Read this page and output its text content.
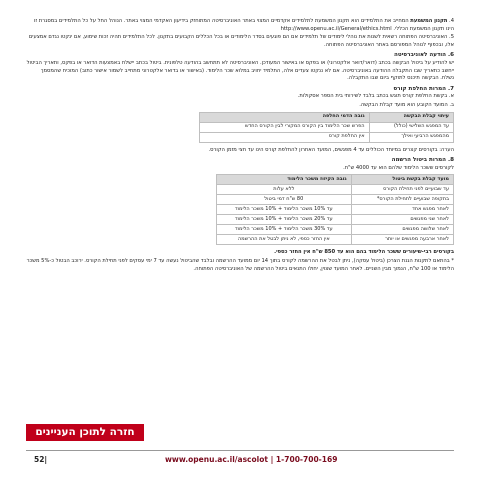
4. תקנון המשמעת המחייב את התלמידים הוא תקנון המשמעת לתלמידים אקדמיים המצוי באתר האוניברסיטה המתוחזק בידיעון האקדמי המצוי באתר. הנוהל החל על כל התלמידים במסגרת זו הינו תקנון המשמעת הכללי. http://www.openu.ac.il/General/ethics.html

5. האוניברסיטה הפתוחה רשאית לשנות את נוהלי לימודים של תלמידים אם הם פוגעים בסדר הלימודים או בכל הכללים הקבועים בתקנון. לכל התלמידים תהיה זכות שימוע, אם ינקטו נגדם אמצעים אלו, ובכפוף לנוהל המפורסם באתר האוניברסיטה הפתוחה.

6. הודעה לאוניברסיטה

יש להודיע על ביטול הבקשה בכתב (דואר/דואר אלקטרוני) או בפקס או באישור המעודכן. האוניברסיטה לא תתחשב בהודעה טלפונית. ביטול בכתב יישלח באמצעות הדואר או בפקס, ותאריך הביטול ייחשב כתאריך שבו התקבלה ההודעה באוניברסיטה. אם לא ננקטו צעדים אלה, התלמיד יחויב במלוא שכר הלימוד. (באישור או בדואר אלקטרוני מתחייב לשמור אישור כתוב) המוכיח שהמסמך נשלח. הבקשה תיכנס לתוקף ביום שבו התקבלה.

7. המרות החלפת קורס

א. בקשת החלפת קורס תוגש בכתב בלבד לשירותי בית הספר אסקולות.

ב. המועד הקובע הוא מועד קבלת הבקשה.

עיתוי קבלת הבקשה	גובה הדמי החלפה
עד המפגש השלישי (כולל)	הפרש שכר הלימוד בין הקורס המקורי לבין הקורס החדש
מהמפגש הרביעי ואילך	אין החלפת קורס

הערה: בקורסים קצרים במיוחד הכוללים עד 4 מפגשים, המועד האחרון להחלפת קורס הינו עד חצי מזמן הקורס.

8. המרות ביטול הרשמה

לקורסים ששכר הלימוד שלהם הוא עד 4000 ש"ח.

מועד קבלת בקשת ביטול	גובה הקיזוז משכר הלימוד
עד שבועיים לפני תחילת הקורס	ללא עלות
בתקופה שבועיים לתחילת הקורס*	80 ש"ח דמי ביטול
לאחר מפגש אחד	עד 10% משכר הלימוד + 10% משכר הלימוד
לאחר שני מפגשים	עד 20% משכר הלימוד + 10% משכר הלימוד
לאחר שלושה מפגשים	עד 30% משכר הלימוד + 10% משכר הלימוד
לאחר ארבעה מפגשים או יותר	אין החזר כספי, לא ניתן לבטל את ההרשמה

בקורסים רבי-שיעורים ששכר הלימוד בהם הוא עד 850 ש"ח אין החזר כספי.

* בהתאם לתקנות הגנת הצרכן (ביטול עסקה), ניתן לבטל את ההרשמה לקורס בתוך 14 יום ממועד ההרשמה ובלבד שהביטול נעשה עד 7 ימי עסקים לפני תחילת הקורס. ירוכב הבטול כ-5% משכר הלימוד או 100 ש"ח, הנמוך מבין השניים. לאחר המועד שצוין, יחולו התנאים ביטול ההרשמה של האוניברסיטה הפתוחה.

חזרה לתוכן העניינים
52|	www.openu.ac.il/ascolot | 1-700-700-169
